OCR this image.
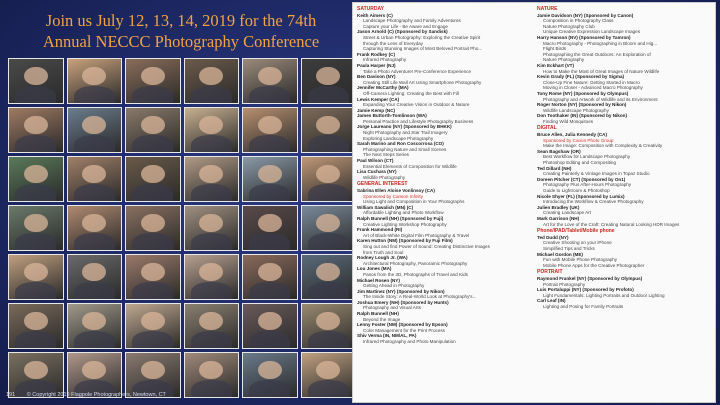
Join us July 12, 13, 14, 2019 for the 74th
Annual NECCC Photography Conference
191 © Copyright 2019 Flagpole Photographers, Newtown, CT
SATURDAY
Keith Aimers (C)
Landscape Photography and Family Adventures
Capture your Life - Be Aware and Engage
Jason Arnold (C) (Sponsored by Sandisk)
Street & Urban Photography: Exploring the Creative Spirit
through the Lens of Everyday
Capturing Stunning Images of Most Beloved Portrait Pho...
Frank Rodkey (C)
Infrared Photography
Paula Harper (NJ)
Take a Photo Adventure! Pre-Conference Experience
Ben Davison (NY)
Creating Still Life Wall Art Using Smartphone Photography
Jennifer McCarthy (MA)
Off-Camera Lighting: Creating the Best with Fill
Lewis Kemper (CA)
Expanding Your Creative Vision in Outdoor & Nature
Jamie Kemp (NC)
James Buttorth-Tomlinson (WA)
Personal Practice and Lifestyle Photography Business
Jorge Laureano (NY) (Sponsored by BHKK)
Night Photography and Star Trail Imagery
Exploring Landscape Photography
Sarah Marino and Ron Coscorrosa (CO)
Photographing Nature and Small Scenes
The Next Steps Series
Paul Wilson (CT)
Essential Elements of Composition for Wildlife
Lisa Cuchara (NY)
Wildlife Photography
GENERAL INTEREST
Sabrina Ellen Aloise Vonlinsoy (CA)
Sponsored by Canson Infinity
Using Light and Composition in Your Photographs
William Sawalich (MN) (C)
Affordable Lighting and Photo Workflow
Ralph Bunnell (NH) (Sponsored by Fuji)
Creative Lighting Workshop Photography
Frank Hammond (RI)
Art of Black-White Digital Film Photography & Travel
Karen Hutton (NM) (Sponsored by Fuji Film)
Sing out and find Power of Sound: Creating Distinctive Images
from Truth and Soul
Rodney Lough Jr. (WA)
Architectural Photography, Panoramic Photography
Lou Jones (MA)
Panos from the 3D, Photographs of Travel and Kids
Michael Rosen (NY)
Getting Ahead in Photography
Jim Martinez (NY) (Sponsored by Nikon)
The Inside Story: A Real-World Look at Photography's...
Joshua Emery (NH) (Sponsored by Hunts)
Photography and Visual Arts
Ralph Bunnell (NH)
Beyond the Image
Lenny Foster (NM) (Sponsored by Epson)
Color Management for the Print Process
Shiv Verma (IN, NM/AL, PA)
Infrared Photography and Photo Manipulation
NATURE
Jamie Davidson (NY) (Sponsored by Canon)
Composition in Photography Class
Nature Photography Club
Unique Creative Expression Landscape Images
Harry Hanson (NV) (Sponsored by Tamron)
Macro Photography - Photographing in Bloom and Hig...
Flight Birds
Photographing the Great Outdoors: An Exploration of
Nature Photography
Kim Eckhart (VT)
How to Make the Most of Great Images of Nature Wildlife
Kevin Grady (FL) (Sponsored by Sigma)
Close-Up Fine Nature: Getting Started in Macro
Moving in Closer - Advanced Macro Photography
Tony Rome (NY) (Sponsored by Olympus)
Photography and Artwork of Wildlife and its Environment
Roger Norton (NY) (Sponsored by Nikon)
Wildlife Landscape Photography
Don Toothaker (IN) (Sponsored by Nikon)
Finding Wild Mosquitoes
DIGITAL
Bruce Allen, Julia Kennedy (CA)
Sponsored by Canon Photo Group
Make the Image: Composition with Complexity & Creativity
Sean Bagshaw (OR)
Best Workflow for Landscape Photography
Photoshop Editing and Compositing
Ted Dillard (NH)
Creating Painterly & Vintage Images in Topaz Studio
Doreen Pitcher (CT) (Sponsored by On1)
Photography Plus After-Hours Photography
Guide to Lightroom & Photoshop
Nicole Shyer (FL) (Sponsored by Lumix)
Introducing the Workflow & Creative Photography
Julien Bradley (UK)
Creating Landscape Art
Mark Garrison (NH)
Art for the Love of the Craft: Creating Natural Looking HDR Images
Phone/IPAD/Tablet/Mobile phone
Ted Dudd (NY)
Creative Shooting on your iPhone
Simplified Tips and Tricks
Michael Gordon (ME)
Fun with Mobile Phone Photography
Mobile Phone Apps for the Creative Photographer
PORTRAIT
Raymond Frankel (NY) (Sponsored by Olympus)
Portrait Photography
Luis Portaluppi (NY) (Sponsored by Profoto)
Light Fundamentals: Lighting Portraits and Outdoor Lighting
Carl Leaf (IN)
Lighting and Posing for Family Portraits
